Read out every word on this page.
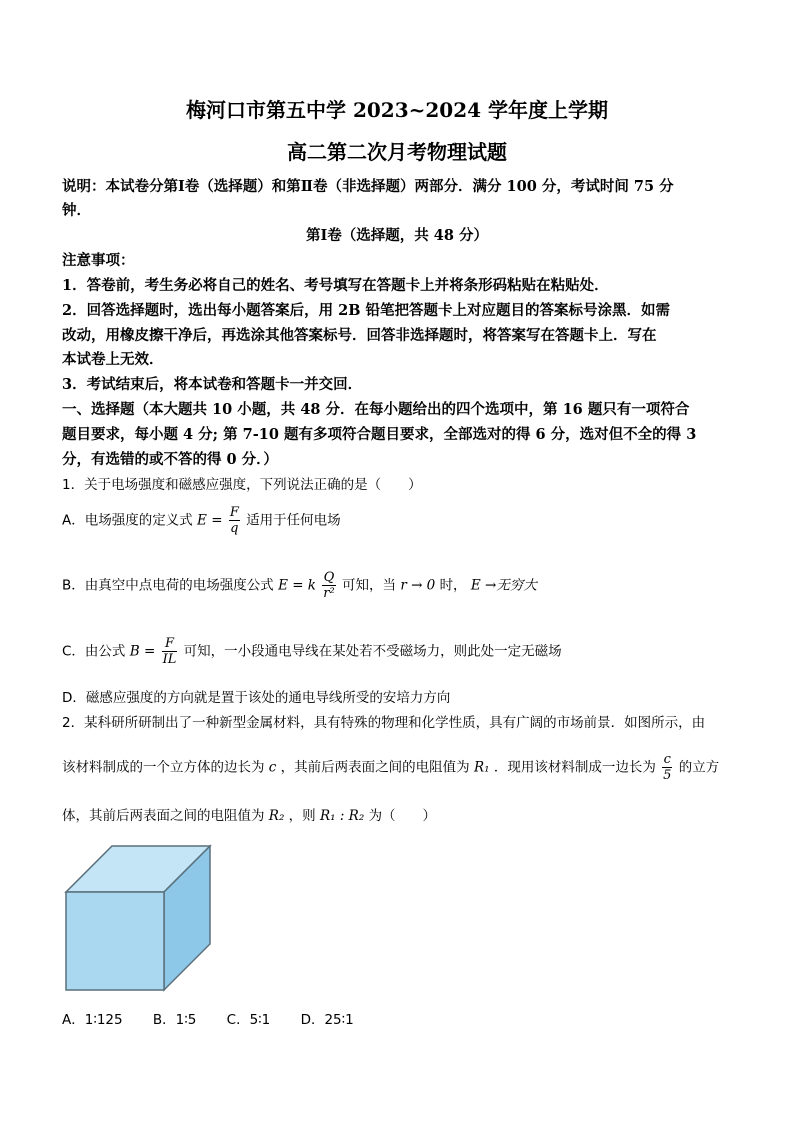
梅河口市第五中学 2023~2024 学年度上学期
高二第二次月考物理试题
说明：本试卷分第Ⅰ卷（选择题）和第Ⅱ卷（非选择题）两部分．满分 100 分，考试时间 75 分
钟．
第Ⅰ卷（选择题，共 48 分）
注意事项：
1．答卷前，考生务必将自己的姓名、考号填写在答题卡上并将条形码粘贴在粘贴处．
2．回答选择题时，选出每小题答案后，用 2B 铅笔把答题卡上对应题目的答案标号涂黑．如需
改动，用橡皮擦干净后，再选涂其他答案标号．回答非选择题时，将答案写在答题卡上．写在
本试卷上无效．
3．考试结束后，将本试卷和答题卡一并交回．
一、选择题（本大题共 10 小题，共 48 分．在每小题给出的四个选项中，第 16 题只有一项符合
题目要求，每小题 4 分; 第 7-10 题有多项符合题目要求，全部选对的得 6 分，选对但不全的得 3
分，有选错的或不答的得 0 分．）
1．关于电场强度和磁感应强度，下列说法正确的是（　　）
A．电场强度的定义式 $E = \frac{F}{q}$ 适用于任何电场
B．由真空中点电荷的电场强度公式 E = k $\frac{Q}{\text{r²}}$ 可知，当 r → 0 时， E →无穷大
C．由公式 $B = \frac{F}{IL}$ 可知，一小段通电导线在某处若不受磁场力，则此处一定无磁场
D．磁感应强度的方向就是置于该处的通电导线所受的安培力方向
2．某科研所研制出了一种新型金属材料，具有特殊的物理和化学性质，具有广阔的市场前景．如图所示，由
该材料制成的一个立方体的边长为 c ，其前后两表面之间的电阻值为 R₁ ．现用该材料制成一边长为 $\frac{c}{5}$ 的立方
体，其前后两表面之间的电阻值为 R₂ ，则 R₁ : R₂ 为（　　）
A．1∶125 B．1∶5 C．5∶1 D．25∶1
